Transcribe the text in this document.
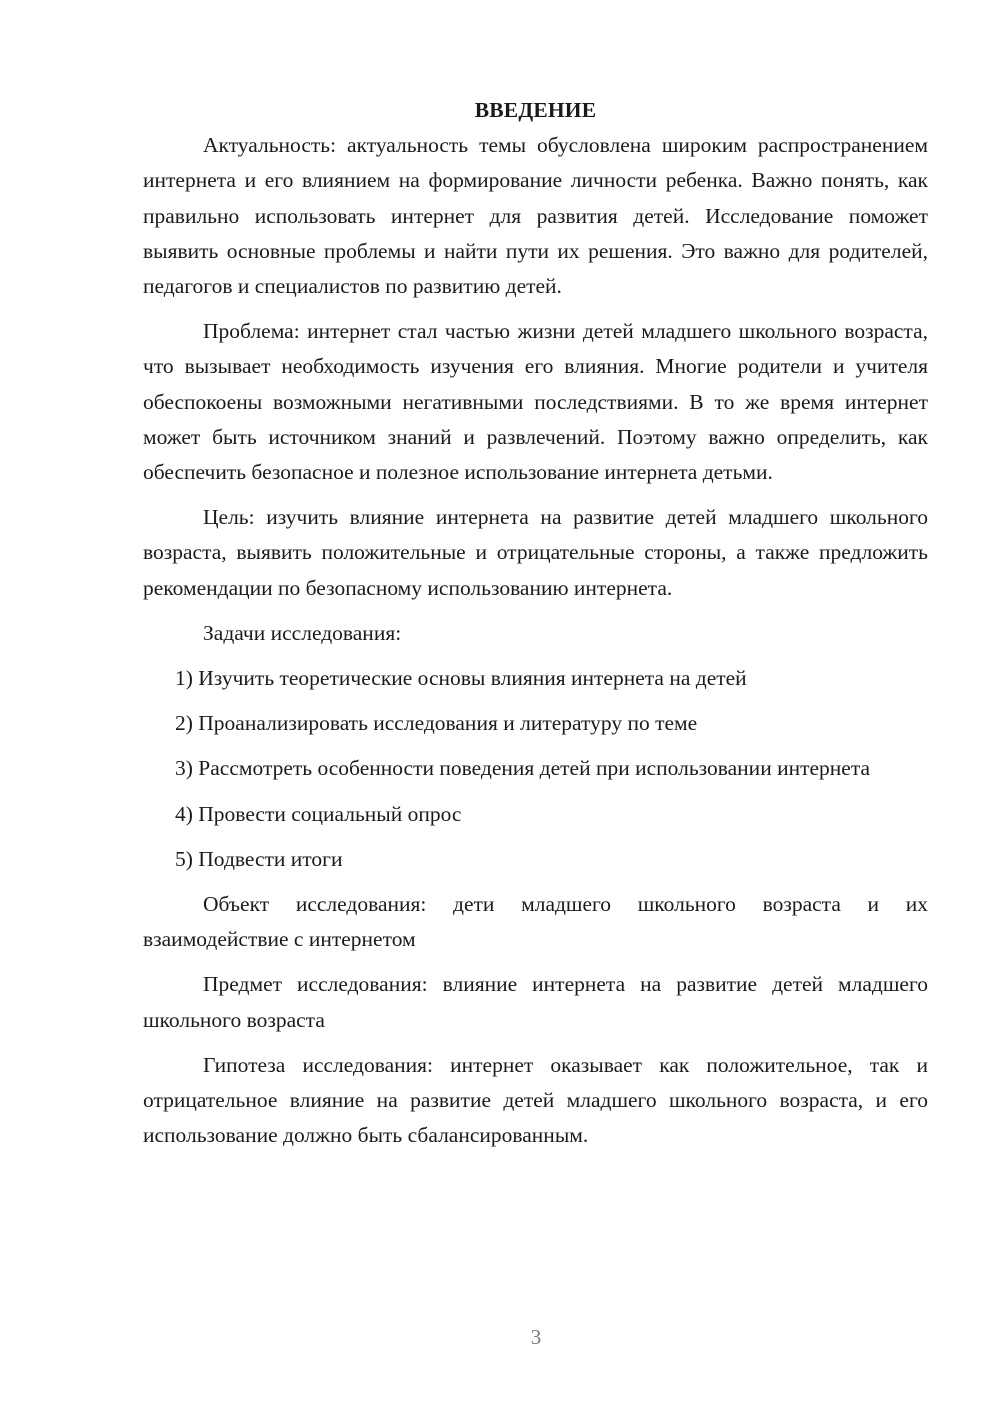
ВВЕДЕНИЕ

Актуальность: актуальность темы обусловлена широким распространением интернета и его влиянием на формирование личности ребенка. Важно понять, как правильно использовать интернет для развития детей. Исследование поможет выявить основные проблемы и найти пути их решения. Это важно для родителей, педагогов и специалистов по развитию детей.

Проблема: интернет стал частью жизни детей младшего школьного возраста, что вызывает необходимость изучения его влияния. Многие родители и учителя обеспокоены возможными негативными последствиями. В то же время интернет может быть источником знаний и развлечений. Поэтому важно определить, как обеспечить безопасное и полезное использование интернета детьми.

Цель: изучить влияние интернета на развитие детей младшего школьного возраста, выявить положительные и отрицательные стороны, а также предложить рекомендации по безопасному использованию интернета.

Задачи исследования:

1) Изучить теоретические основы влияния интернета на детей

2) Проанализировать исследования и литературу по теме

3) Рассмотреть особенности поведения детей при использовании интернета

4) Провести социальный опрос

5) Подвести итоги

Объект исследования: дети младшего школьного возраста и их взаимодействие с интернетом

Предмет исследования: влияние интернета на развитие детей младшего школьного возраста

Гипотеза исследования: интернет оказывает как положительное, так и отрицательное влияние на развитие детей младшего школьного возраста, и его использование должно быть сбалансированным.

3
